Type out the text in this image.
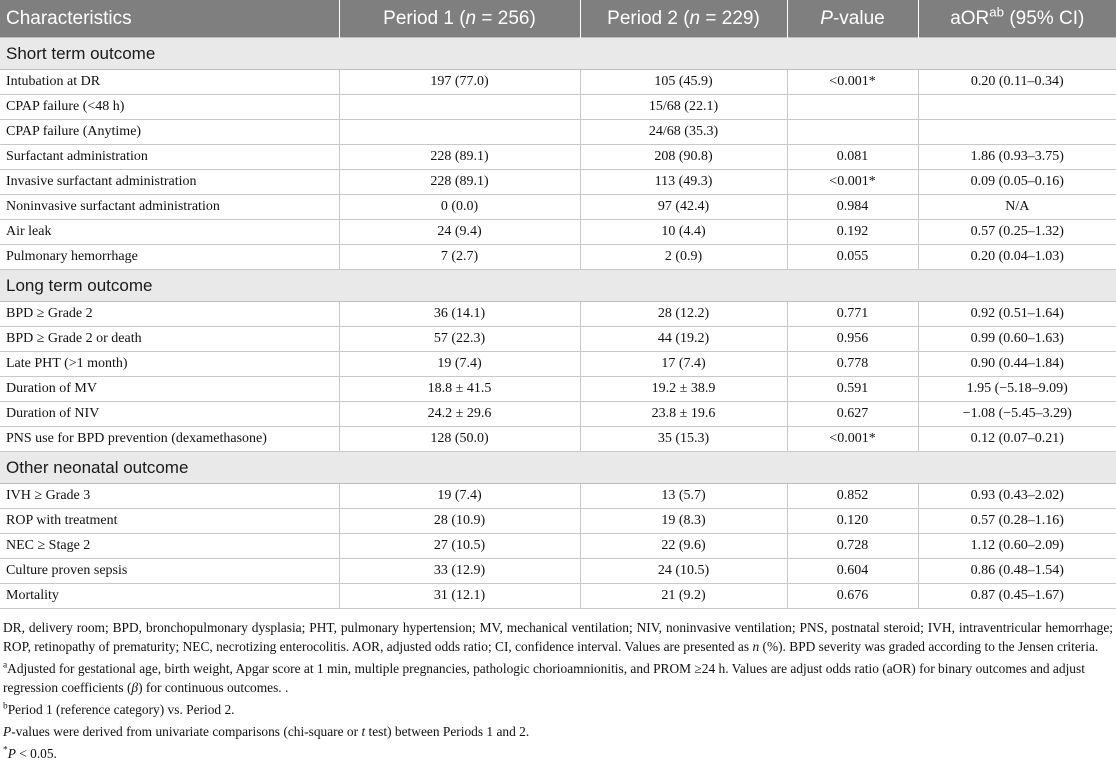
Characteristics	Period 1 (n = 256)	Period 2 (n = 229)	P-value	aOR$^{ab}$ (95% CI)
Short term outcome				
Intubation at DR	197 (77.0)	105 (45.9)	<0.001*	0.20 (0.11–0.34)
CPAP failure (<48 h)		15/68 (22.1)		
CPAP failure (Anytime)		24/68 (35.3)		
Surfactant administration	228 (89.1)	208 (90.8)	0.081	1.86 (0.93–3.75)
Invasive surfactant administration	228 (89.1)	113 (49.3)	<0.001*	0.09 (0.05–0.16)
Noninvasive surfactant administration	0 (0.0)	97 (42.4)	0.984	N/A
Air leak	24 (9.4)	10 (4.4)	0.192	0.57 (0.25–1.32)
Pulmonary hemorrhage	7 (2.7)	2 (0.9)	0.055	0.20 (0.04–1.03)
Long term outcome				
BPD ≥ Grade 2	36 (14.1)	28 (12.2)	0.771	0.92 (0.51–1.64)
BPD ≥ Grade 2 or death	57 (22.3)	44 (19.2)	0.956	0.99 (0.60–1.63)
Late PHT (>1 month)	19 (7.4)	17 (7.4)	0.778	0.90 (0.44–1.84)
Duration of MV	18.8 ± 41.5	19.2 ± 38.9	0.591	1.95 (−5.18–9.09)
Duration of NIV	24.2 ± 29.6	23.8 ± 19.6	0.627	−1.08 (−5.45–3.29)
PNS use for BPD prevention (dexamethasone)	128 (50.0)	35 (15.3)	<0.001*	0.12 (0.07–0.21)
Other neonatal outcome				
IVH ≥ Grade 3	19 (7.4)	13 (5.7)	0.852	0.93 (0.43–2.02)
ROP with treatment	28 (10.9)	19 (8.3)	0.120	0.57 (0.28–1.16)
NEC ≥ Stage 2	27 (10.5)	22 (9.6)	0.728	1.12 (0.60–2.09)
Culture proven sepsis	33 (12.9)	24 (10.5)	0.604	0.86 (0.48–1.54)
Mortality	31 (12.1)	21 (9.2)	0.676	0.87 (0.45–1.67)

DR, delivery room; BPD, bronchopulmonary dysplasia; PHT, pulmonary hypertension; MV, mechanical ventilation; NIV, noninvasive ventilation; PNS, postnatal steroid; IVH, intraventricular hemorrhage; ROP, retinopathy of prematurity; NEC, necrotizing enterocolitis. AOR, adjusted odds ratio; CI, confidence interval. Values are presented as n (%). BPD severity was graded according to the Jensen criteria.

$^a$Adjusted for gestational age, birth weight, Apgar score at 1 min, multiple pregnancies, pathologic chorioamnionitis, and PROM ≥24 h. Values are adjust odds ratio (aOR) for binary outcomes and adjust regression coefficients (β) for continuous outcomes. .

$^b$Period 1 (reference category) vs. Period 2.

P-values were derived from univariate comparisons (chi-square or t test) between Periods 1 and 2.

*P < 0.05.
